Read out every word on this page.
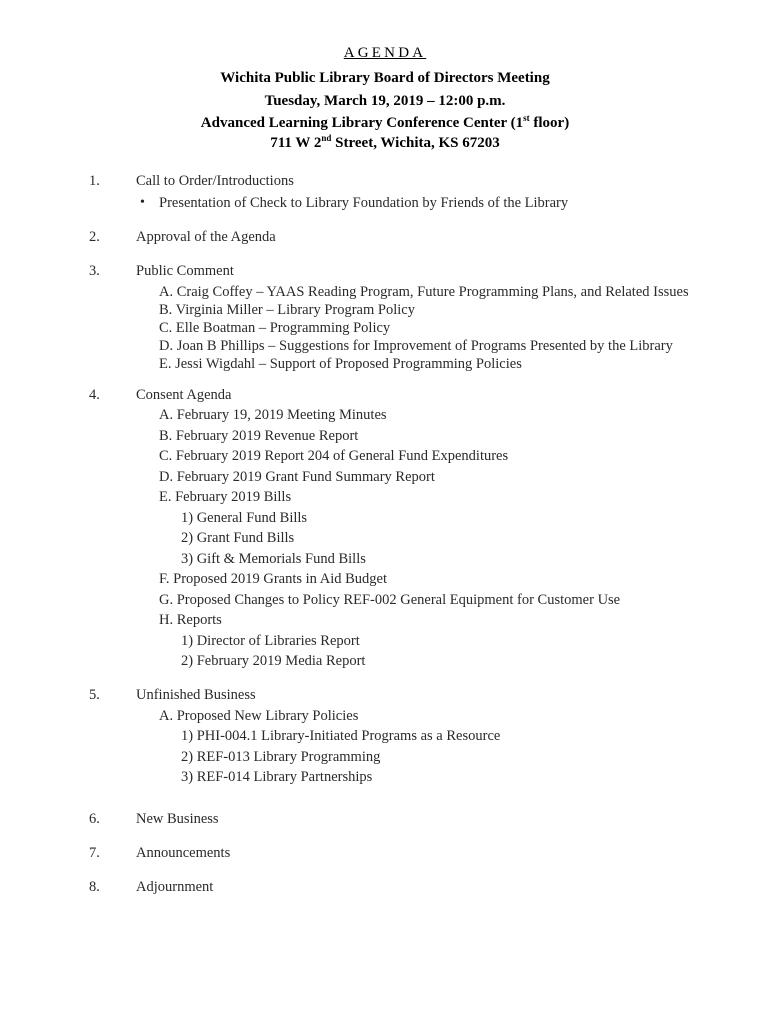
AGENDA
Wichita Public Library Board of Directors Meeting
Tuesday, March 19, 2019 – 12:00 p.m.
Advanced Learning Library Conference Center (1st floor)
711 W 2nd Street, Wichita, KS 67203
1. Call to Order/Introductions
• Presentation of Check to Library Foundation by Friends of the Library
2. Approval of the Agenda
3. Public Comment
A. Craig Coffey – YAAS Reading Program, Future Programming Plans, and Related Issues
B. Virginia Miller – Library Program Policy
C. Elle Boatman – Programming Policy
D. Joan B Phillips – Suggestions for Improvement of Programs Presented by the Library
E. Jessi Wigdahl – Support of Proposed Programming Policies
4. Consent Agenda
A. February 19, 2019 Meeting Minutes
B. February 2019 Revenue Report
C. February 2019 Report 204 of General Fund Expenditures
D. February 2019 Grant Fund Summary Report
E. February 2019 Bills
1) General Fund Bills
2) Grant Fund Bills
3) Gift & Memorials Fund Bills
F. Proposed 2019 Grants in Aid Budget
G. Proposed Changes to Policy REF-002 General Equipment for Customer Use
H. Reports
1) Director of Libraries Report
2) February 2019 Media Report
5. Unfinished Business
A. Proposed New Library Policies
1) PHI-004.1 Library-Initiated Programs as a Resource
2) REF-013 Library Programming
3) REF-014 Library Partnerships
6. New Business
7. Announcements
8. Adjournment
